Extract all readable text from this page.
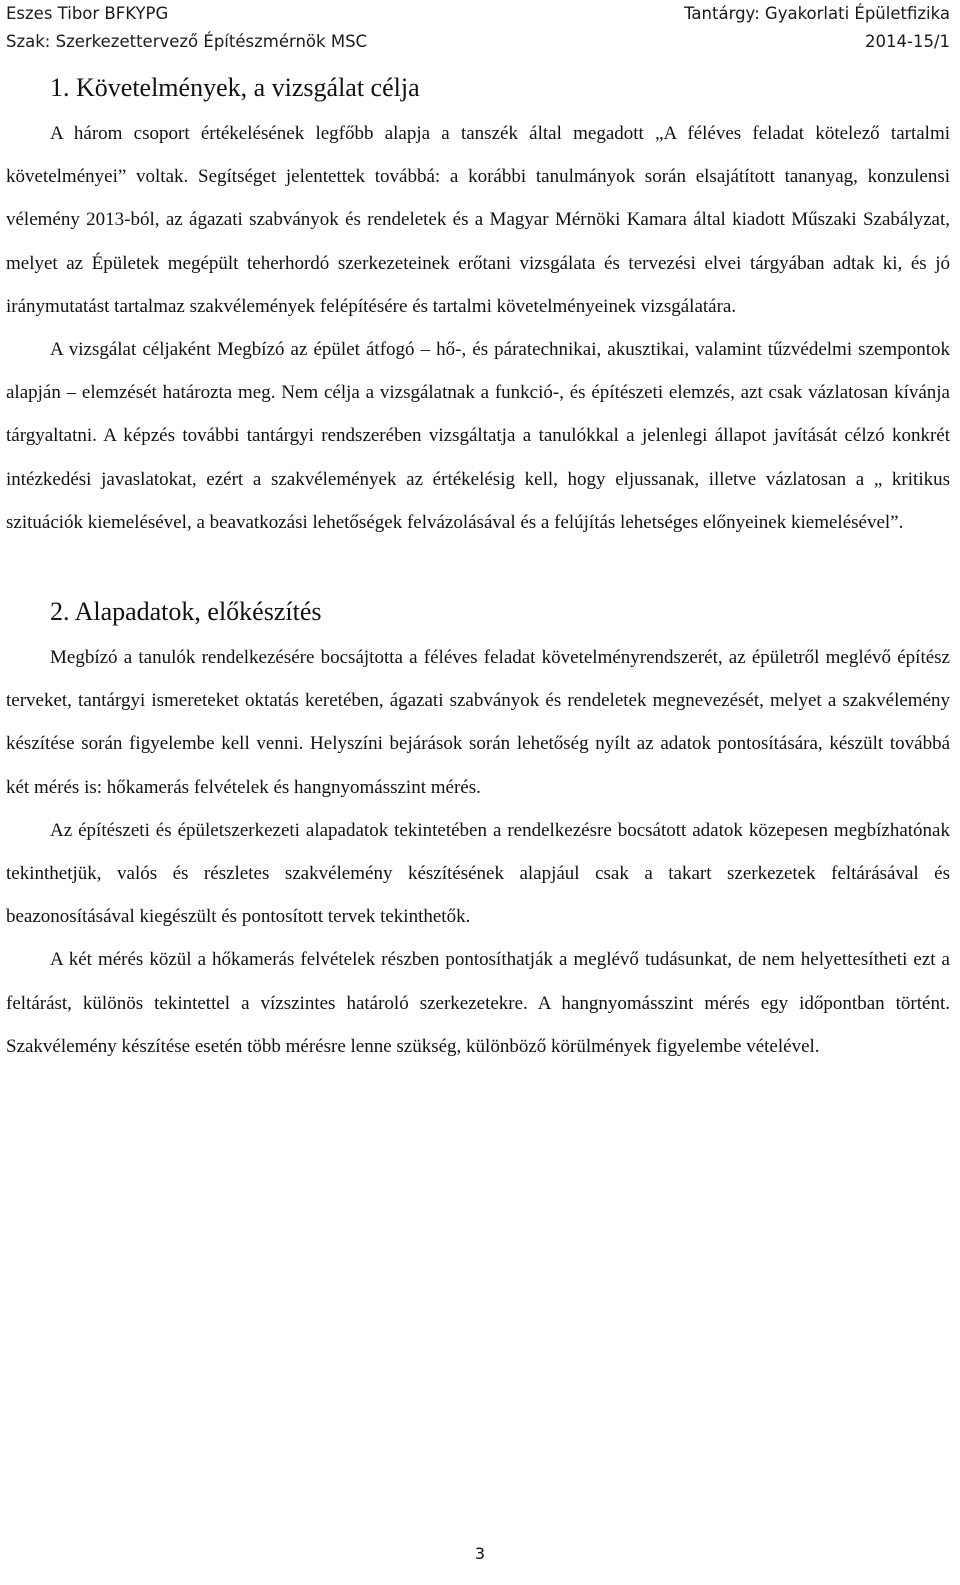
Eszes Tibor BFKYPG	Tantárgy: Gyakorlati Épületfizika
Szak: Szerkezettervező Építészmérnök MSC	2014-15/1
1. Követelmények, a vizsgálat célja

A három csoport értékelésének legfőbb alapja a tanszék által megadott „A féléves feladat kötelező tartalmi követelményei” voltak. Segítséget jelentettek továbbá: a korábbi tanulmányok során elsajátított tananyag, konzulensi vélemény 2013-ból, az ágazati szabványok és rendeletek és a Magyar Mérnöki Kamara által kiadott Műszaki Szabályzat, melyet az Épületek megépült teherhordó szerkezeteinek erőtani vizsgálata és tervezési elvei tárgyában adtak ki, és jó iránymutatást tartalmaz szakvélemények felépítésére és tartalmi követelményeinek vizsgálatára.

A vizsgálat céljaként Megbízó az épület átfogó – hő-, és páratechnikai, akusztikai, valamint tűzvédelmi szempontok alapján – elemzését határozta meg. Nem célja a vizsgálatnak a funkció-, és építészeti elemzés, azt csak vázlatosan kívánja tárgyaltatni. A képzés további tantárgyi rendszerében vizsgáltatja a tanulókkal a jelenlegi állapot javítását célzó konkrét intézkedési javaslatokat, ezért a szakvélemények az értékelésig kell, hogy eljussanak, illetve vázlatosan a „ kritikus szituációk kiemelésével, a beavatkozási lehetőségek felvázolásával és a felújítás lehetséges előnyeinek kiemelésével”.

2. Alapadatok, előkészítés

Megbízó a tanulók rendelkezésére bocsájtotta a féléves feladat követelményrendszerét, az épületről meglévő építész terveket, tantárgyi ismereteket oktatás keretében, ágazati szabványok és rendeletek megnevezését, melyet a szakvélemény készítése során figyelembe kell venni. Helyszíni bejárások során lehetőség nyílt az adatok pontosítására, készült továbbá két mérés is: hőkamerás felvételek és hangnyomásszint mérés.

Az építészeti és épületszerkezeti alapadatok tekintetében a rendelkezésre bocsátott adatok közepesen megbízhatónak tekinthetjük, valós és részletes szakvélemény készítésének alapjául csak a takart szerkezetek feltárásával és beazonosításával kiegészült és pontosított tervek tekinthetők.

A két mérés közül a hőkamerás felvételek részben pontosíthatják a meglévő tudásunkat, de nem helyettesítheti ezt a feltárást, különös tekintettel a vízszintes határoló szerkezetekre. A hangnyomásszint mérés egy időpontban történt. Szakvélemény készítése esetén több mérésre lenne szükség, különböző körülmények figyelembe vételével.

3
